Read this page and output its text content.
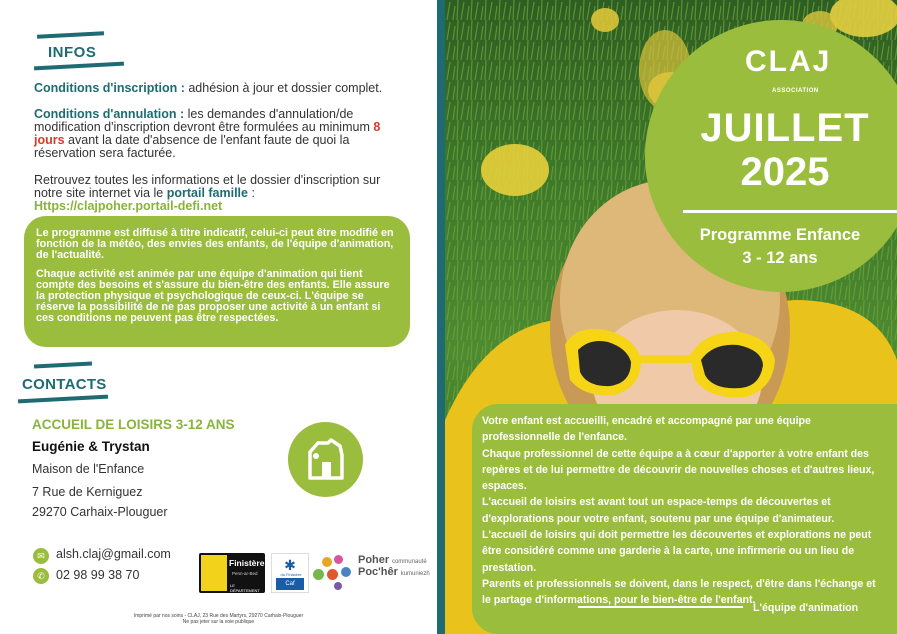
INFOS
Conditions d'inscription : adhésion à jour et dossier complet.
Conditions d'annulation : les demandes d'annulation/de modification d'inscription devront être formulées au minimum 8 jours avant la date d'absence de l'enfant faute de quoi la réservation sera facturée.
Retrouvez toutes les informations et le dossier d'inscription sur notre site internet via le portail famille :
Https://clajpoher.portail-defi.net

Le programme est diffusé à titre indicatif, celui-ci peut être modifié en fonction de la météo, des envies des enfants, de l'équipe d'animation, de l'actualité.

Chaque activité est animée par une équipe d'animation qui tient compte des besoins et s'assure du bien-être des enfants. Elle assure la protection physique et psychologique de ceux-ci. L'équipe se réserve la possibilité de ne pas proposer une activité à un enfant si ces conditions ne peuvent pas être respectées.

CONTACTS
ACCUEIL DE LOISIRS 3-12 ANS
Eugénie & Trystan
Maison de l'Enfance
7 Rue de Kerniguez
29270 Carhaix-Plouguer
✉ alsh.claj@gmail.com
✆ 02 98 99 38 70
Finistère
Penn-ar-Bed
LE DÉPARTEMENT
✱
Caf
du Finistère
Poher communauté
Poc'hêr kumuniezh
Imprimé par nos soins - CLAJ, 23 Rue des Martyrs, 29270 Carhaix-Plouguer
Ne pas jeter sur la voie publique
CLAJ
ASSOCIATION
JUILLET
2025
Programme Enfance
3 - 12 ans
Votre enfant est accueilli, encadré et accompagné par une équipe professionnelle de l'enfance.
Chaque professionnel de cette équipe a à cœur d'apporter à votre enfant des repères et de lui permettre de découvrir de nouvelles choses et d'autres lieux, espaces.
L'accueil de loisirs est avant tout un espace-temps de découvertes et d'explorations pour votre enfant, soutenu par une équipe d'animateur.
L'accueil de loisirs qui doit permettre les découvertes et explorations ne peut être considéré comme une garderie à la carte, une infirmerie ou un lieu de prestation.
Parents et professionnels se doivent, dans le respect, d'être dans l'échange et le partage d'informations, pour le bien-être de l'enfant.
L'équipe d'animation
